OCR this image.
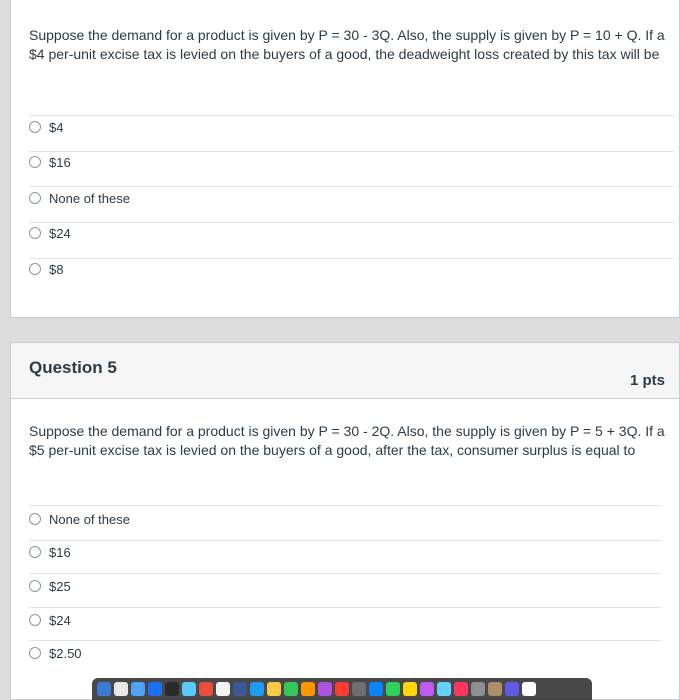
Suppose the demand for a product is given by P = 30 - 3Q. Also, the supply is given by P = 10 + Q. If a $4 per-unit excise tax is levied on the buyers of a good, the deadweight loss created by this tax will be
$4
$16
None of these
$24
$8
Question 5
1 pts
Suppose the demand for a product is given by P = 30 - 2Q. Also, the supply is given by P = 5 + 3Q. If a $5 per-unit excise tax is levied on the buyers of a good, after the tax, consumer surplus is equal to
None of these
$16
$25
$24
$2.50
